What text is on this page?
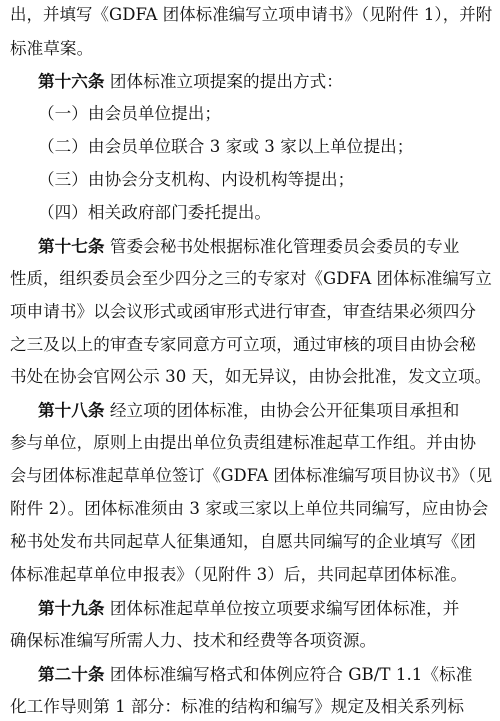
出，并填写《GDFA 团体标准编写立项申请书》（见附件 1），并附
标准草案。
第十六条 团体标准立项提案的提出方式：
（一）由会员单位提出；
（二）由会员单位联合 3 家或 3 家以上单位提出；
（三）由协会分支机构、内设机构等提出；
（四）相关政府部门委托提出。
第十七条 管委会秘书处根据标准化管理委员会委员的专业
性质，组织委员会至少四分之三的专家对《GDFA 团体标准编写立
项申请书》以会议形式或函审形式进行审查，审查结果必须四分
之三及以上的审查专家同意方可立项，通过审核的项目由协会秘
书处在协会官网公示 30 天，如无异议，由协会批准，发文立项。
第十八条 经立项的团体标准，由协会公开征集项目承担和
参与单位，原则上由提出单位负责组建标准起草工作组。并由协
会与团体标准起草单位签订《GDFA 团体标准编写项目协议书》（见
附件 2）。团体标准须由 3 家或三家以上单位共同编写，应由协会
秘书处发布共同起草人征集通知，自愿共同编写的企业填写《团
体标准起草单位申报表》（见附件 3）后，共同起草团体标准。
第十九条 团体标准起草单位按立项要求编写团体标准，并
确保标准编写所需人力、技术和经费等各项资源。
第二十条 团体标准编写格式和体例应符合 GB/T 1.1《标准
化工作导则第 1 部分：标准的结构和编写》规定及相关系列标
